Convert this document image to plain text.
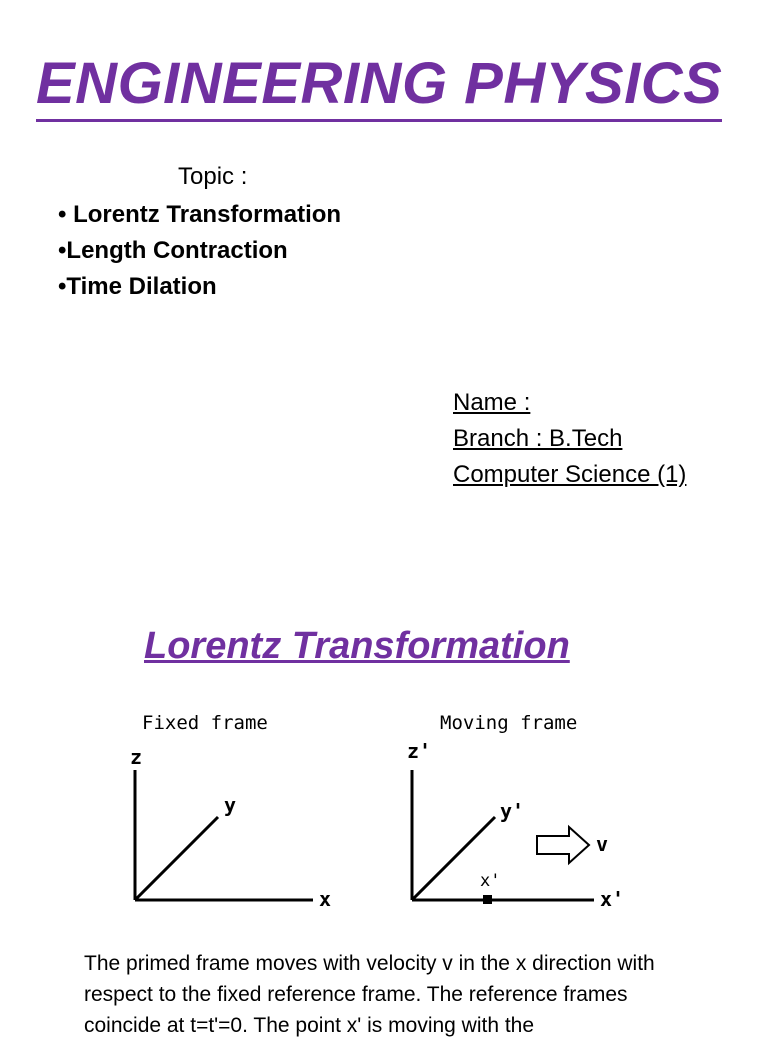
ENGINEERING PHYSICS
Topic :
• Lorentz Transformation
•Length Contraction
•Time Dilation
Name :
Branch : B.Tech
Computer Science (1)
Lorentz Transformation
Fixed frame	Moving frame
z
y
x
z'
y'
x'
x'
v

The primed frame moves with velocity v in the x direction with respect to the fixed reference frame. The reference frames coincide at t=t'=0. The point x' is moving with the
